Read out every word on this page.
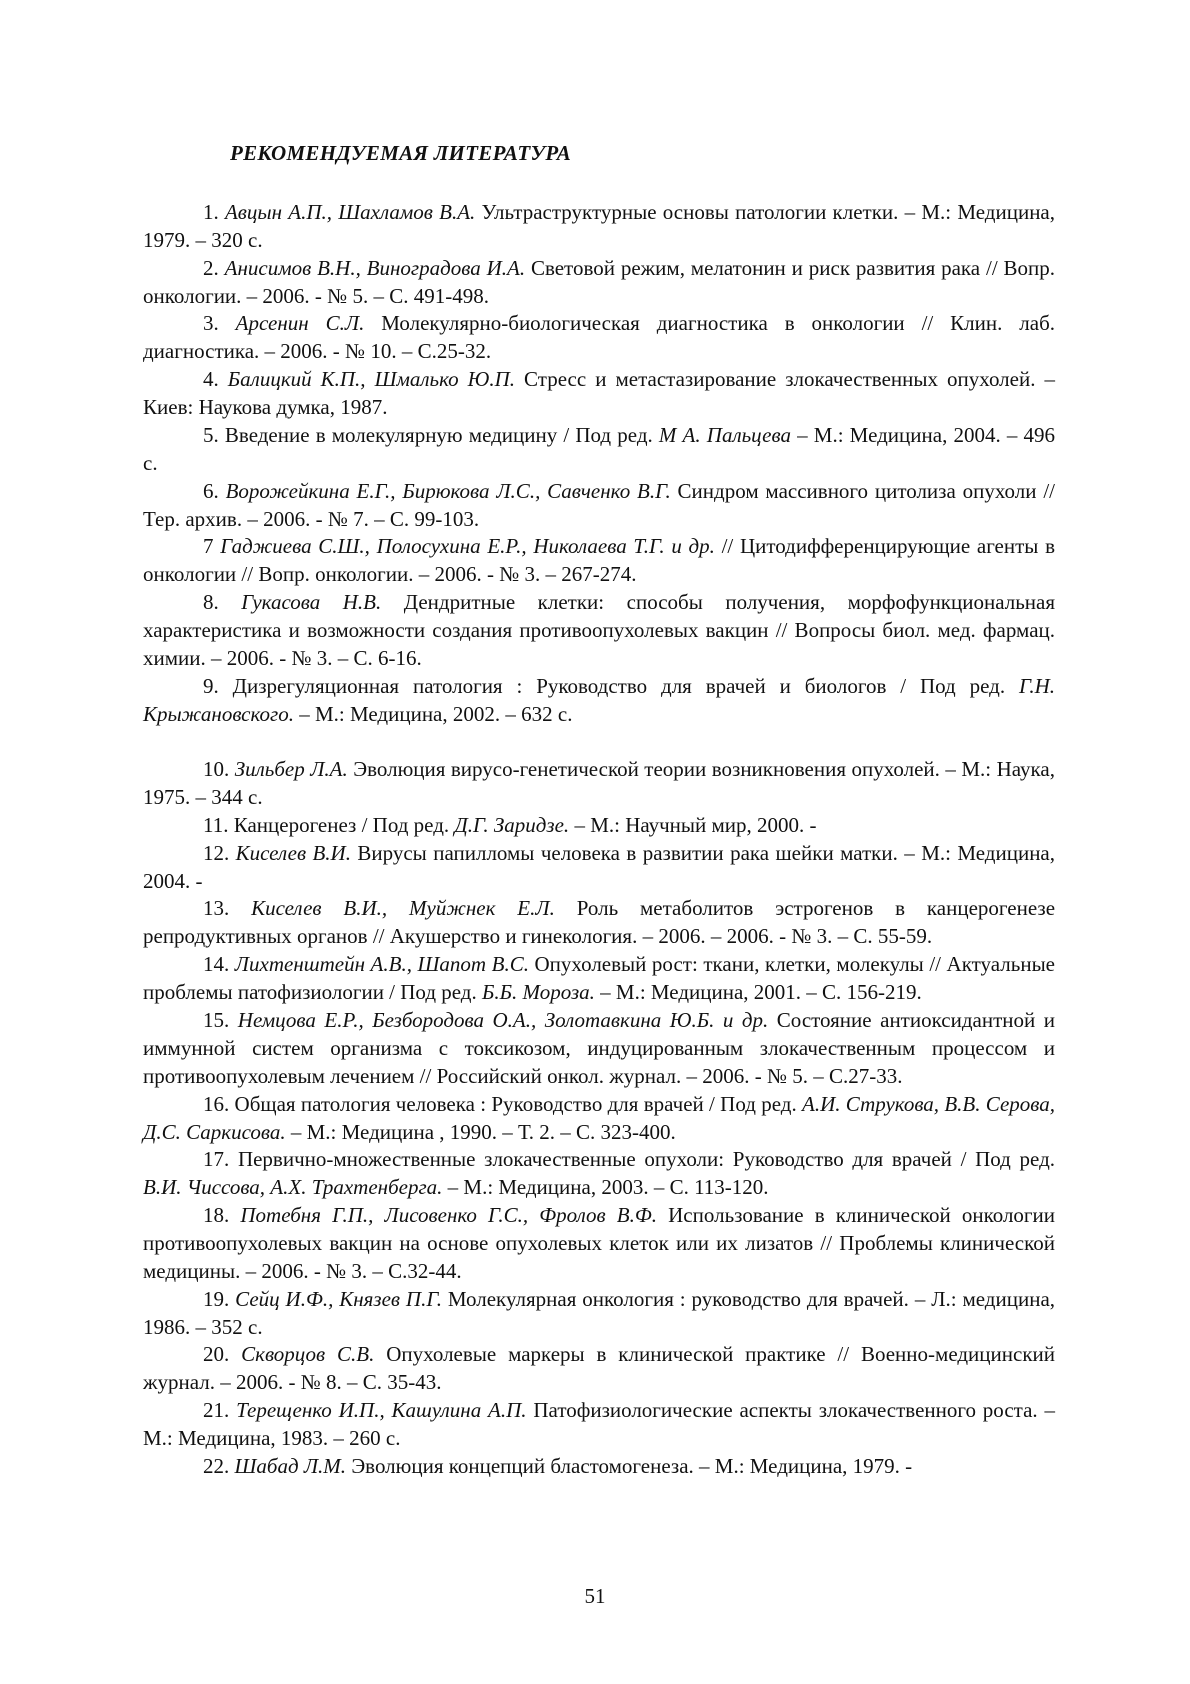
РЕКОМЕНДУЕМАЯ ЛИТЕРАТУРА
1. Авцын А.П., Шахламов В.А. Ультраструктурные основы патологии клетки. – М.: Медицина, 1979. – 320 с.
2. Анисимов В.Н., Виноградова И.А. Световой режим, мелатонин и риск развития рака // Вопр. онкологии. – 2006. - № 5. – С. 491-498.
3. Арсенин С.Л. Молекулярно-биологическая диагностика в онкологии // Клин. лаб. диагностика. – 2006. - № 10. – С.25-32.
4. Балицкий К.П., Шмалько Ю.П. Стресс и метастазирование злокачественных опухолей. – Киев: Наукова думка, 1987.
5. Введение в молекулярную медицину / Под ред. М А. Пальцева – М.: Медицина, 2004. – 496 с.
6. Ворожейкина Е.Г., Бирюкова Л.С., Савченко В.Г. Синдром массивного цитолиза опухоли // Тер. архив. – 2006. - № 7. – С. 99-103.
7 Гаджиева С.Ш., Полосухина Е.Р., Николаева Т.Г. и др. // Цитодифференцирующие агенты в онкологии // Вопр. онкологии. – 2006. - № 3. – 267-274.
8. Гукасова Н.В. Дендритные клетки: способы получения, морфофункциональная характеристика и возможности создания противоопухолевых вакцин // Вопросы биол. мед. фармац. химии. – 2006. - № 3. – С. 6-16.
9. Дизрегуляционная патология : Руководство для врачей и биологов / Под ред. Г.Н. Крыжановского. – М.: Медицина, 2002. – 632 с.
10. Зильбер Л.А. Эволюция вирусо-генетической теории возникновения опухолей. – М.: Наука, 1975. – 344 с.
11. Канцерогенез / Под ред. Д.Г. Заридзе. – М.: Научный мир, 2000. -
12. Киселев В.И. Вирусы папилломы человека в развитии рака шейки матки. – М.: Медицина, 2004. -
13. Киселев В.И., Муйжнек Е.Л. Роль метаболитов эстрогенов в канцерогенезе репродуктивных органов // Акушерство и гинекология. – 2006. – 2006. - № 3. – С. 55-59.
14. Лихтенштейн А.В., Шапот В.С. Опухолевый рост: ткани, клетки, молекулы // Актуальные проблемы патофизиологии / Под ред. Б.Б. Мороза. – М.: Медицина, 2001. – С. 156-219.
15. Немцова Е.Р., Безбородова О.А., Золотавкина Ю.Б. и др. Состояние антиоксидантной и иммунной систем организма с токсикозом, индуцированным злокачественным процессом и противоопухолевым лечением // Российский онкол. журнал. – 2006. - № 5. – С.27-33.
16. Общая патология человека : Руководство для врачей / Под ред. А.И. Струкова, В.В. Серова, Д.С. Саркисова. – М.: Медицина , 1990. – Т. 2. – С. 323-400.
17. Первично-множественные злокачественные опухоли: Руководство для врачей / Под ред. В.И. Чиссова, А.Х. Трахтенберга. – М.: Медицина, 2003. – С. 113-120.
18. Потебня Г.П., Лисовенко Г.С., Фролов В.Ф. Использование в клинической онкологии противоопухолевых вакцин на основе опухолевых клеток или их лизатов // Проблемы клинической медицины. – 2006. - № 3. – С.32-44.
19. Сейц И.Ф., Князев П.Г. Молекулярная онкология : руководство для врачей. – Л.: медицина, 1986. – 352 с.
20. Скворцов С.В. Опухолевые маркеры в клинической практике // Военно-медицинский журнал. – 2006. - № 8. – С. 35-43.
21. Терещенко И.П., Кашулина А.П. Патофизиологические аспекты злокачественного роста. – М.: Медицина, 1983. – 260 с.
22. Шабад Л.М. Эволюция концепций бластомогенеза. – М.: Медицина, 1979. -
51
